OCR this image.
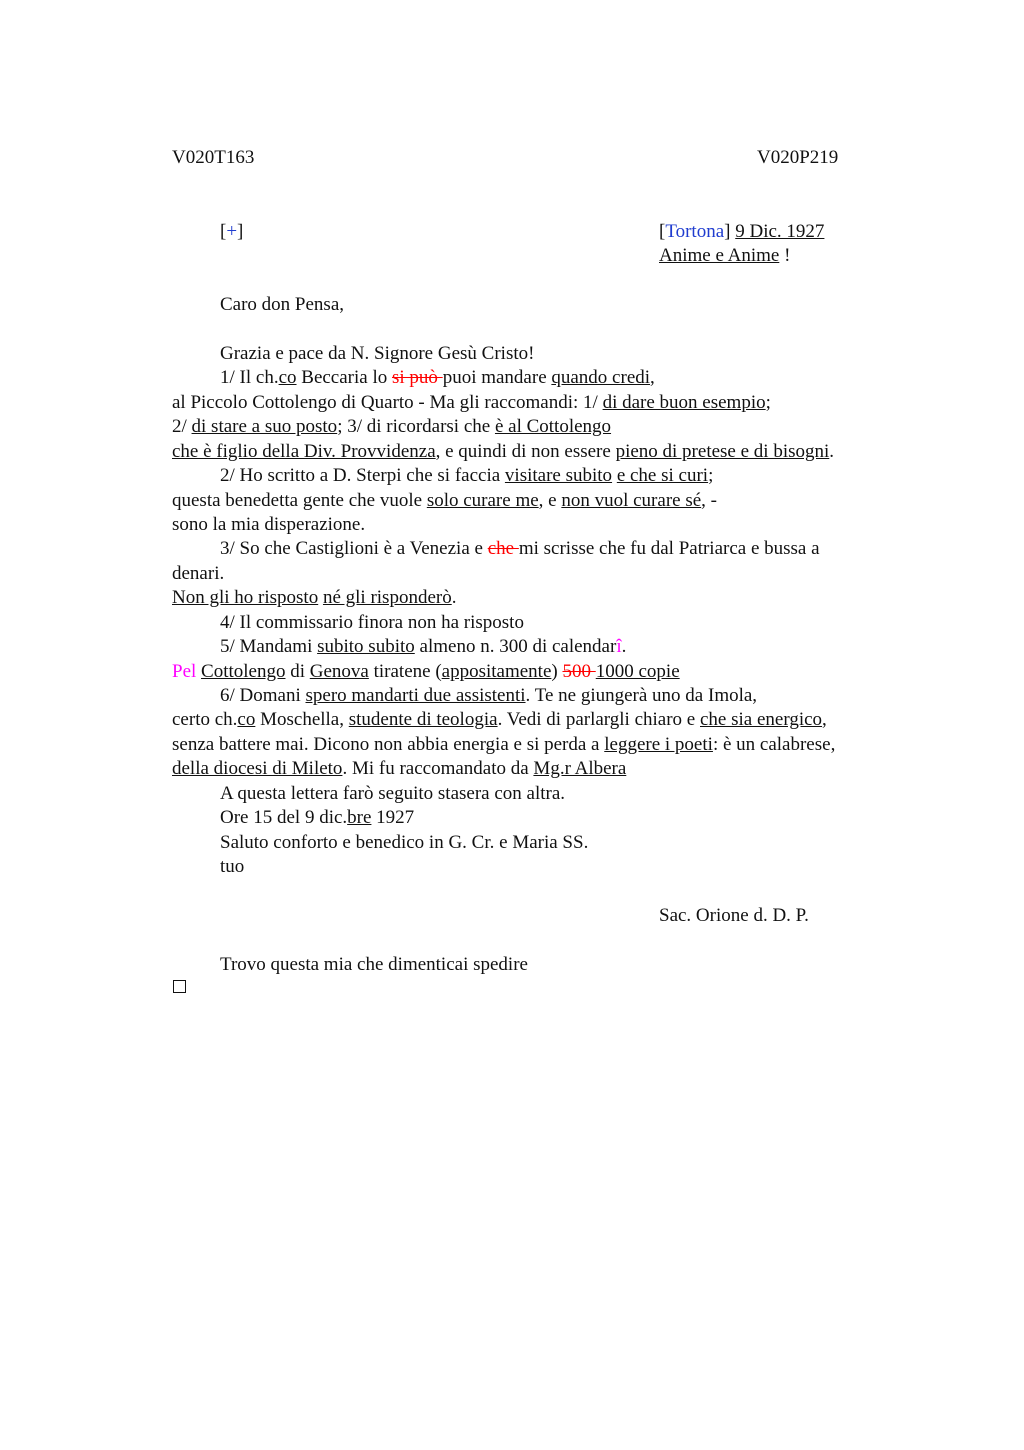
V020T163	V020P219
[+]	[Tortona] 9 Dic. 1927
Anime e Anime !
Caro don Pensa,
Grazia e pace da N. Signore Gesù Cristo!
1/ Il ch.co Beccaria lo si può puoi mandare quando credi,
al Piccolo Cottolengo di Quarto - Ma gli raccomandi: 1/ di dare buon esempio;
2/ di stare a suo posto; 3/ di ricordarsi che è al Cottolengo
che è figlio della Div. Provvidenza, e quindi di non essere pieno di pretese e di bisogni.
2/ Ho scritto a D. Sterpi che si faccia visitare subito e che si curi;
questa benedetta gente che vuole solo curare me, e non vuol curare sé, -
sono la mia disperazione.
3/ So che Castiglioni è a Venezia e che mi scrisse che fu dal Patriarca e bussa a
denari.
Non gli ho risposto né gli risponderò.
4/ Il commissario finora non ha risposto
5/ Mandami subito subito almeno n. 300 di calendarî.
Pel Cottolengo di Genova tiratene (appositamente) 500 1000 copie
6/ Domani spero mandarti due assistenti. Te ne giungerà uno da Imola,
certo ch.co Moschella, studente di teologia. Vedi di parlargli chiaro e che sia energico,
senza battere mai. Dicono non abbia energia e si perda a leggere i poeti: è un calabrese,
della diocesi di Mileto. Mi fu raccomandato da Mg.r Albera
A questa lettera farò seguito stasera con altra.
Ore 15 del 9 dic.bre 1927
Saluto conforto e benedico in G. Cr. e Maria SS.
tuo
Sac. Orione d. D. P.
Trovo questa mia che dimenticai spedire
